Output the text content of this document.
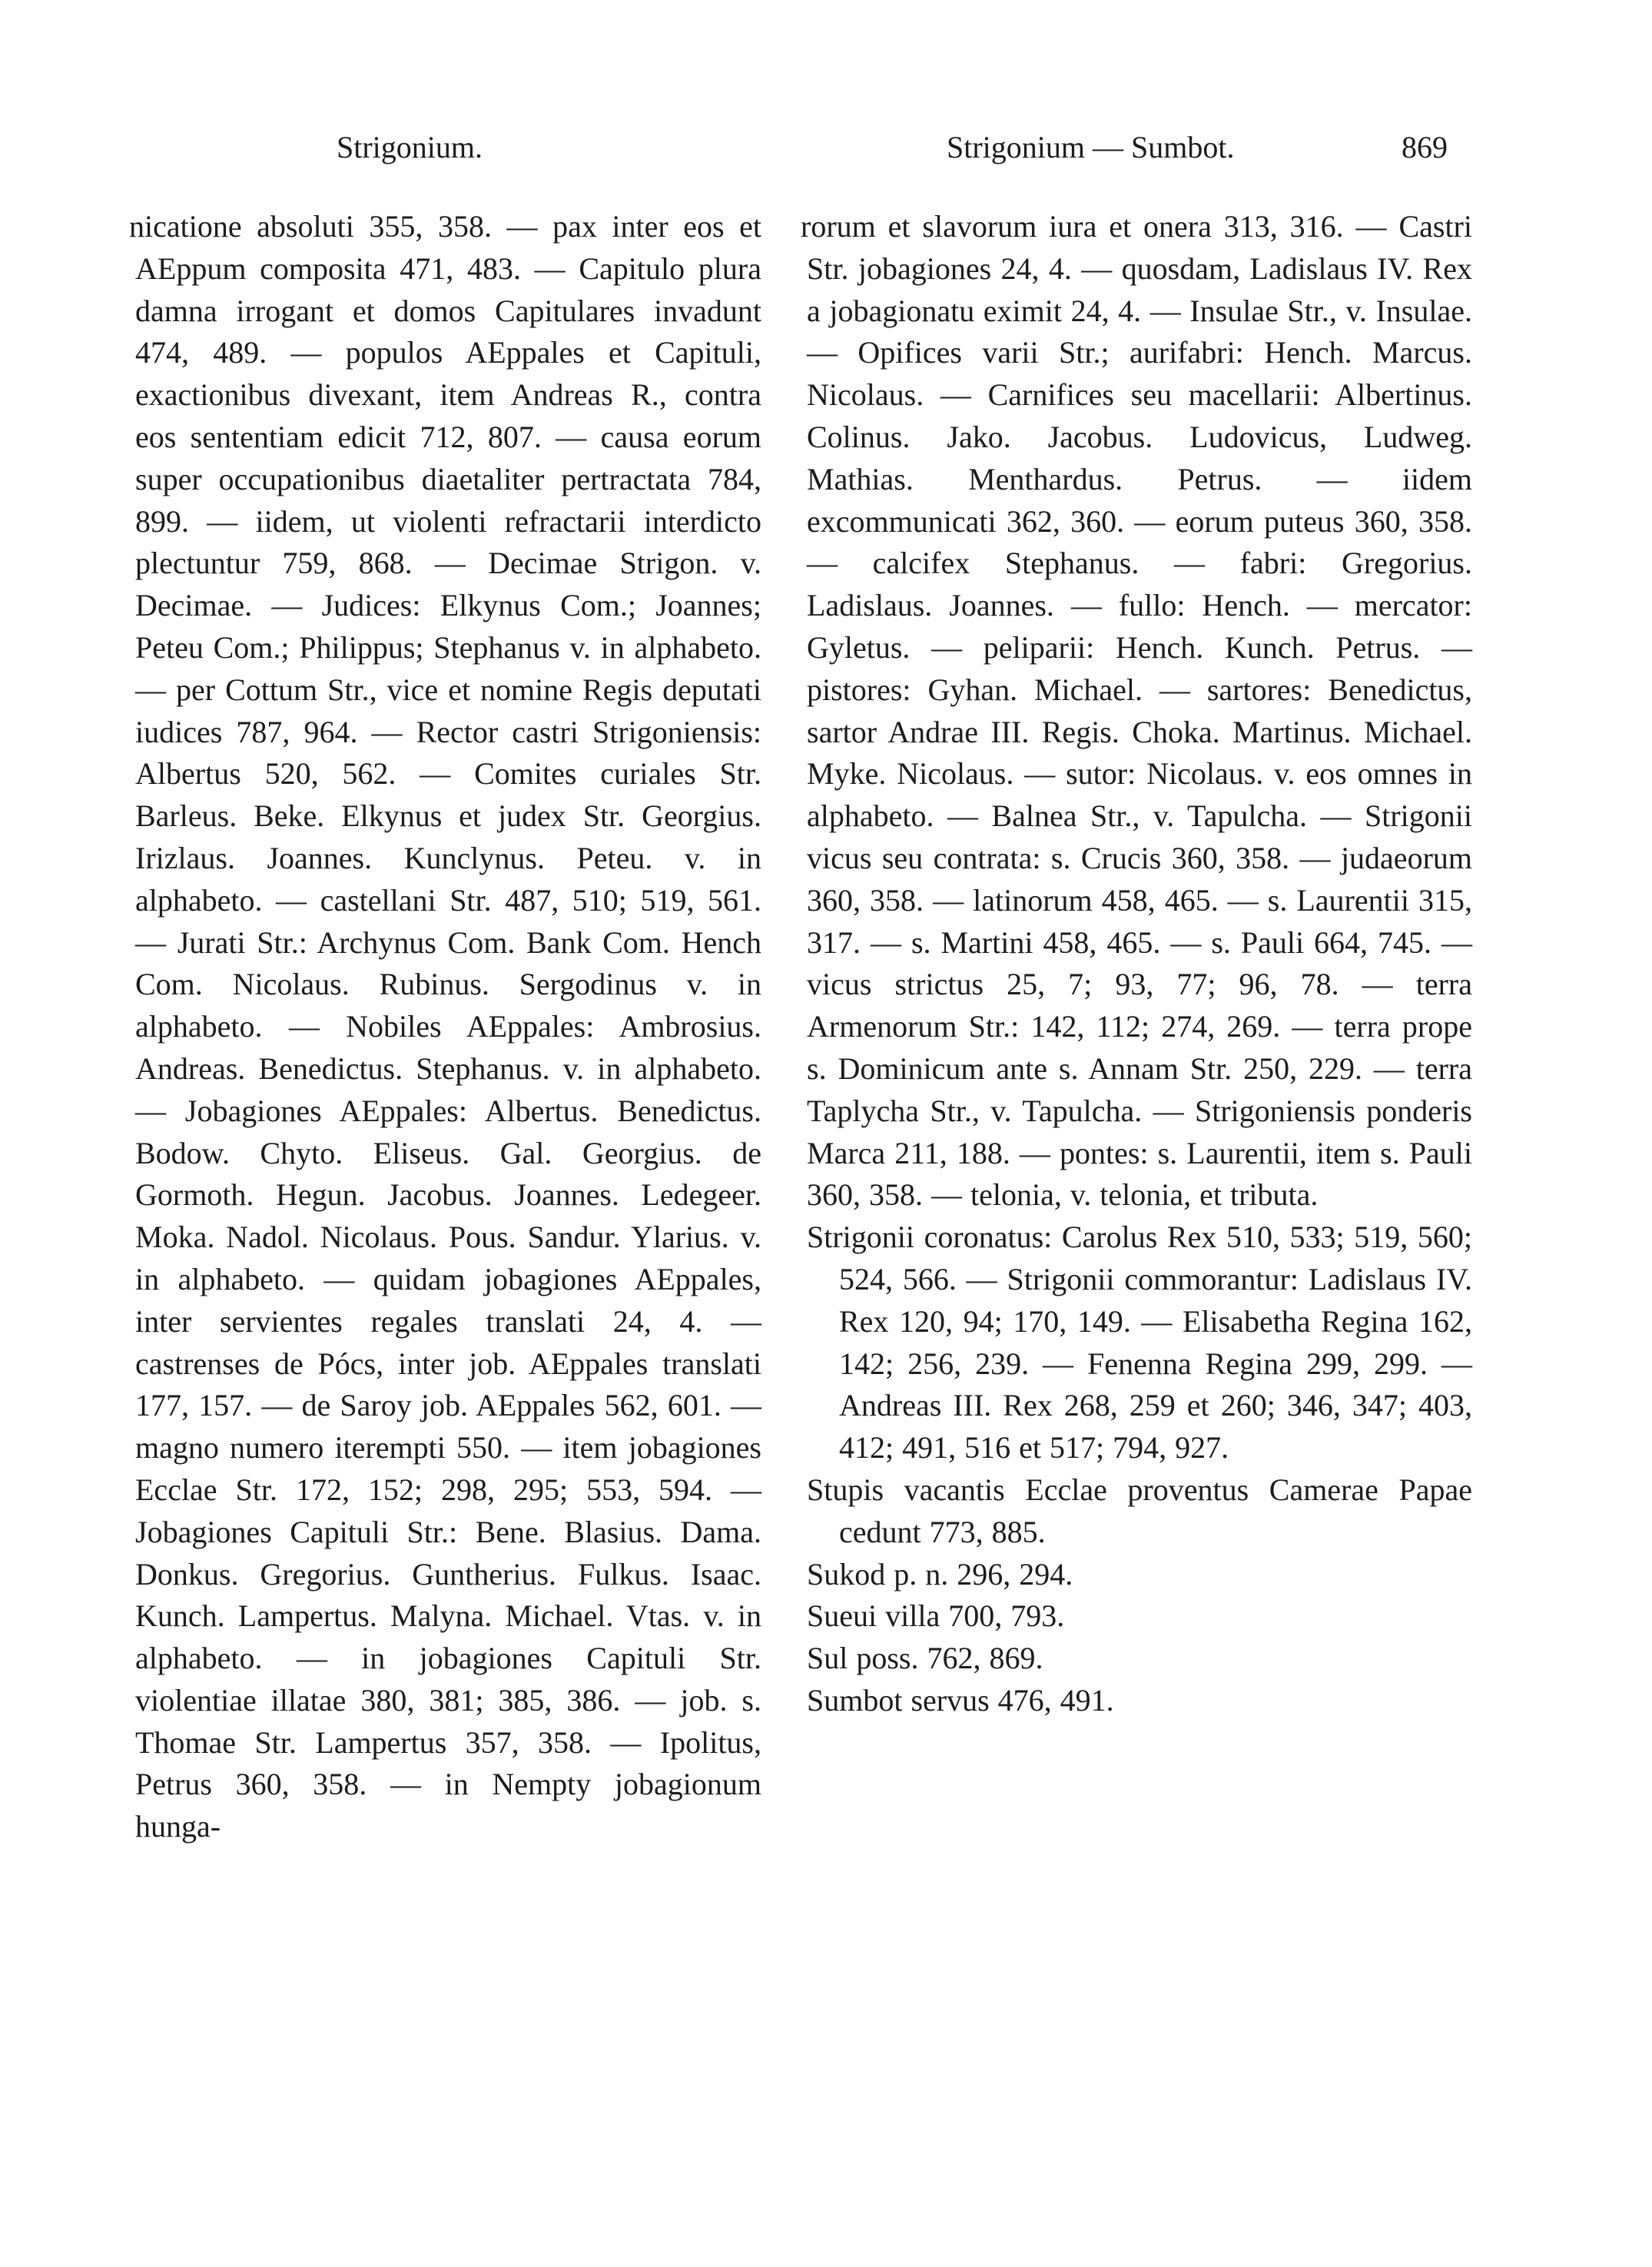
Strigonium.	Strigonium — Sumbot.	869

nicatione absoluti 355, 358. — pax inter eos et AEppum composita 471, 483. — Capitulo plura damna irrogant et domos Capitulares invadunt 474, 489. — populos AEppales et Capituli, exactionibus divexant, item Andreas R., contra eos sententiam edicit 712, 807. — causa eorum super occupationibus diaetaliter pertractata 784, 899. — iidem, ut violenti refractarii interdicto plectuntur 759, 868. — Decimae Strigon. v. Decimae. — Judices: Elkynus Com.; Joannes; Peteu Com.; Philippus; Stephanus v. in alphabeto. — per Cottum Str., vice et nomine Regis deputati iudices 787, 964. — Rector castri Strigoniensis: Albertus 520, 562. — Comites curiales Str. Barleus. Beke. Elkynus et judex Str. Georgius. Irizlaus. Joannes. Kunclynus. Peteu. v. in alphabeto. — castellani Str. 487, 510; 519, 561. — Jurati Str.: Archynus Com. Bank Com. Hench Com. Nicolaus. Rubinus. Sergodinus v. in alphabeto. — Nobiles AEppales: Ambrosius. Andreas. Benedictus. Stephanus. v. in alphabeto. — Jobagiones AEppales: Albertus. Benedictus. Bodow. Chyto. Eliseus. Gal. Georgius. de Gormoth. Hegun. Jacobus. Joannes. Ledegeer. Moka. Nadol. Nicolaus. Pous. Sandur. Ylarius. v. in alphabeto. — quidam jobagiones AEppales, inter servientes regales translati 24, 4. — castrenses de Pócs, inter job. AEppales translati 177, 157. — de Saroy job. AEppales 562, 601. — magno numero iterempti 550. — item jobagiones Ecclae Str. 172, 152; 298, 295; 553, 594. — Jobagiones Capituli Str.: Bene. Blasius. Dama. Donkus. Gregorius. Guntherius. Fulkus. Isaac. Kunch. Lampertus. Malyna. Michael. Vtas. v. in alphabeto. — in jobagiones Capituli Str. violentiae illatae 380, 381; 385, 386. — job. s. Thomae Str. Lampertus 357, 358. — Ipolitus, Petrus 360, 358. — in Nempty jobagionum hunga-

rorum et slavorum iura et onera 313, 316. — Castri Str. jobagiones 24, 4. — quosdam, Ladislaus IV. Rex a jobagionatu eximit 24, 4. — Insulae Str., v. Insulae. — Opifices varii Str.; aurifabri: Hench. Marcus. Nicolaus. — Carnifices seu macellarii: Albertinus. Colinus. Jako. Jacobus. Ludovicus, Ludweg. Mathias. Menthardus. Petrus. — iidem excommunicati 362, 360. — eorum puteus 360, 358. — calcifex Stephanus. — fabri: Gregorius. Ladislaus. Joannes. — fullo: Hench. — mercator: Gyletus. — peliparii: Hench. Kunch. Petrus. — pistores: Gyhan. Michael. — sartores: Benedictus, sartor Andrae III. Regis. Choka. Martinus. Michael. Myke. Nicolaus. — sutor: Nicolaus. v. eos omnes in alphabeto. — Balnea Str., v. Tapulcha. — Strigonii vicus seu contrata: s. Crucis 360, 358. — judaeorum 360, 358. — latinorum 458, 465. — s. Laurentii 315, 317. — s. Martini 458, 465. — s. Pauli 664, 745. — vicus strictus 25, 7; 93, 77; 96, 78. — terra Armenorum Str.: 142, 112; 274, 269. — terra prope s. Dominicum ante s. Annam Str. 250, 229. — terra Taplycha Str., v. Tapulcha. — Strigoniensis ponderis Marca 211, 188. — pontes: s. Laurentii, item s. Pauli 360, 358. — telonia, v. telonia, et tributa.

Strigonii coronatus: Carolus Rex 510, 533; 519, 560; 524, 566. — Strigonii commorantur: Ladislaus IV. Rex 120, 94; 170, 149. — Elisabetha Regina 162, 142; 256, 239. — Fenenna Regina 299, 299. — Andreas III. Rex 268, 259 et 260; 346, 347; 403, 412; 491, 516 et 517; 794, 927.

Stupis vacantis Ecclae proventus Camerae Papae cedunt 773, 885.

Sukod p. n. 296, 294.

Sueui villa 700, 793.

Sul poss. 762, 869.

Sumbot servus 476, 491.
